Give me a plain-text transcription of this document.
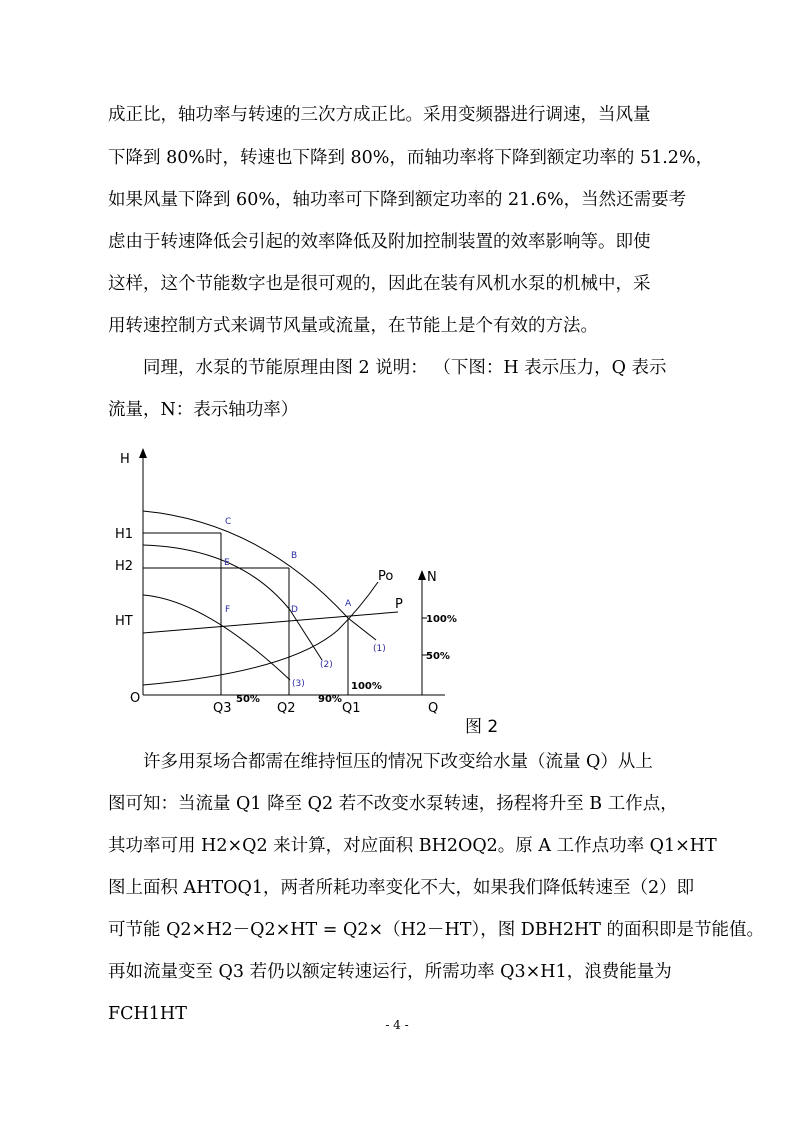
成正比，轴功率与转速的三次方成正比。采用变频器进行调速，当风量
下降到 80%时，转速也下降到 80%，而轴功率将下降到额定功率的 51.2%，
如果风量下降到 60%，轴功率可下降到额定功率的 21.6%，当然还需要考
虑由于转速降低会引起的效率降低及附加控制装置的效率影响等。即使
这样，这个节能数字也是很可观的，因此在装有风机水泵的机械中，采
用转速控制方式来调节风量或流量，在节能上是个有效的方法。
同理，水泵的节能原理由图 2 说明： （下图：H 表示压力，Q 表示
流量，N：表示轴功率）
H
Q
O
N
H1
H2
HT
Q3	Q2	Q1
100%
50%
50%	90%
100%
C
B
E
A
F	D
(1)
(2)
(3)
Po
P
图 2
许多用泵场合都需在维持恒压的情况下改变给水量（流量 Q）从上
图可知：当流量 Q1 降至 Q2 若不改变水泵转速，扬程将升至 B 工作点，
其功率可用 H2×Q2 来计算，对应面积 BH2OQ2。原 A 工作点功率 Q1×HT
图上面积 AHTOQ1，两者所耗功率变化不大，如果我们降低转速至（2）即
可节能 Q2×H2－Q2×HT = Q2×（H2－HT），图 DBH2HT 的面积即是节能值。
再如流量变至 Q3 若仍以额定转速运行，所需功率 Q3×H1，浪费能量为
FCH1HT
- 4 -
